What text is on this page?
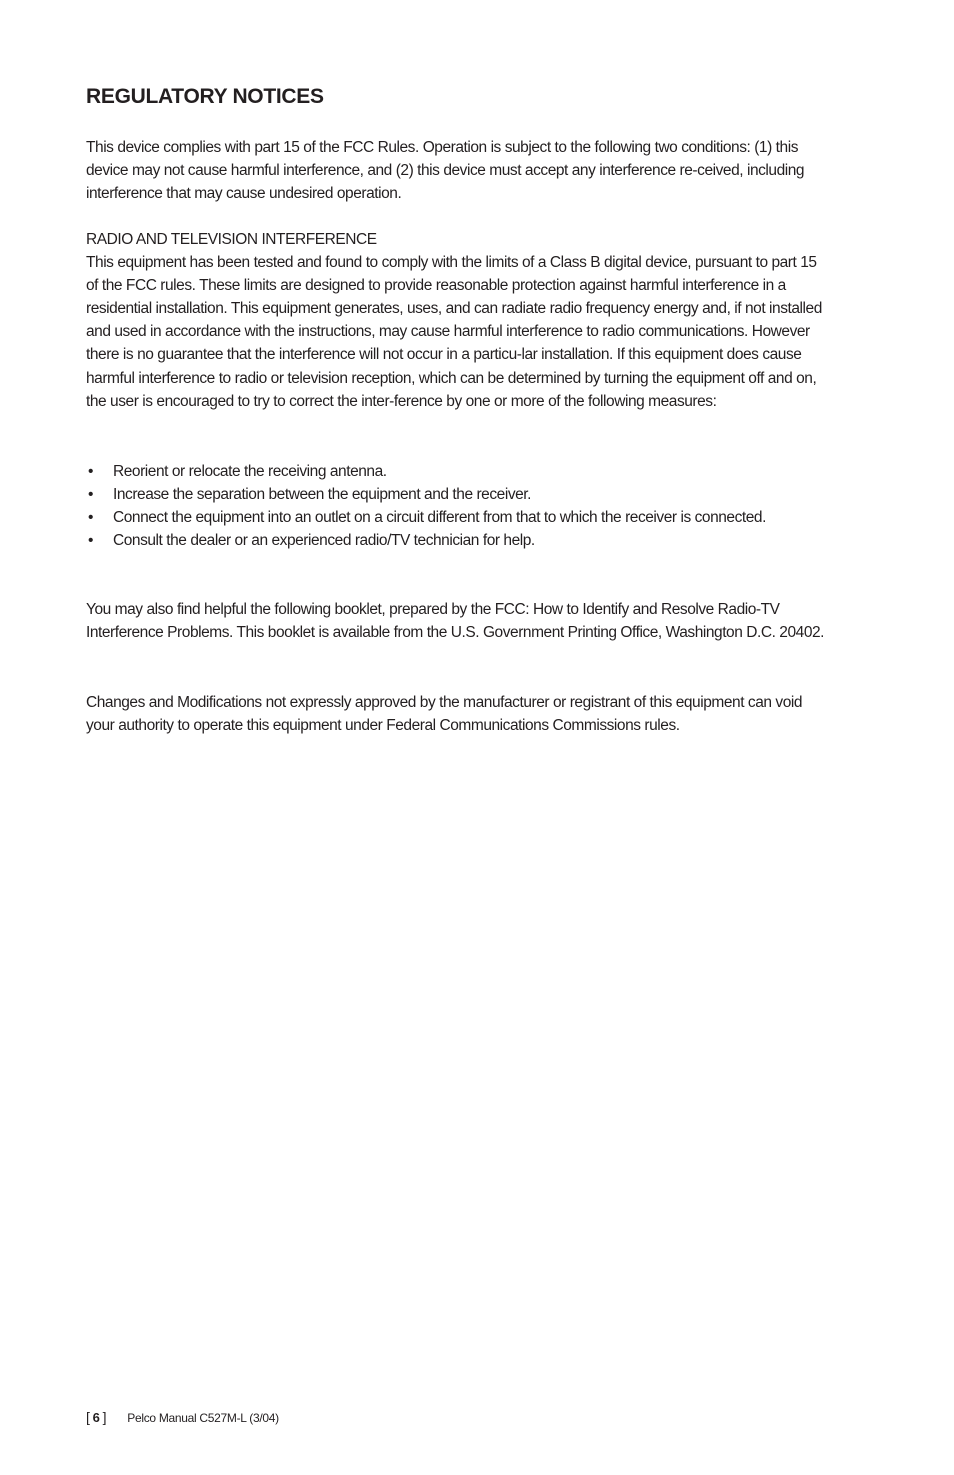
REGULATORY NOTICES

This device complies with part 15 of the FCC Rules. Operation is subject to the following two conditions: (1) this device may not cause harmful interference, and (2) this device must accept any interference re-ceived, including interference that may cause undesired operation.

RADIO AND TELEVISION INTERFERENCE
This equipment has been tested and found to comply with the limits of a Class B digital device, pursuant to part 15 of the FCC rules. These limits are designed to provide reasonable protection against harmful interference in a residential installation. This equipment generates, uses, and can radiate radio frequency energy and, if not installed and used in accordance with the instructions, may cause harmful interference to radio communications. However there is no guarantee that the interference will not occur in a particu-lar installation. If this equipment does cause harmful interference to radio or television reception, which can be determined by turning the equipment off and on, the user is encouraged to try to correct the inter-ference by one or more of the following measures:
• Reorient or relocate the receiving antenna.
• Increase the separation between the equipment and the receiver.
• Connect the equipment into an outlet on a circuit different from that to which the receiver is connected.
• Consult the dealer or an experienced radio/TV technician for help.

You may also find helpful the following booklet, prepared by the FCC: How to Identify and Resolve Radio-TV Interference Problems. This booklet is available from the U.S. Government Printing Office, Washington D.C. 20402.

Changes and Modifications not expressly approved by the manufacturer or registrant of this equipment can void your authority to operate this equipment under Federal Communications Commissions rules.

[ 6 ] Pelco Manual C527M-L (3/04)
